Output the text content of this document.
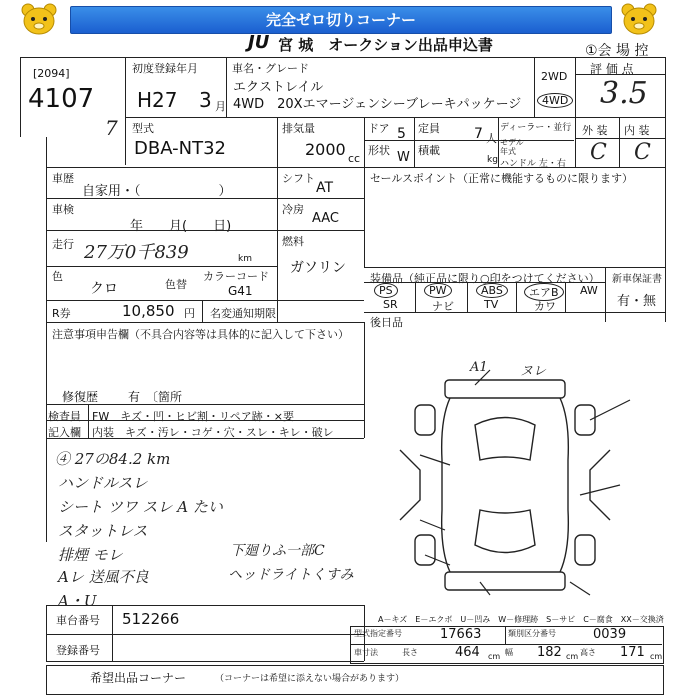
完全ゼロ切りコーナー
JU 宮 城　オークション出品申込書	①会 場 控
[2094]
4107
7
初度登録年月
H27 3 月
車名・グレード
エクストレイル
4WD　20Xエマージェンシーブレーキパッケージ
2WD
4WD
評 価 点
3.5
型式
DBA-NT32
排気量
2000 cc
ドア 5
形状 W
定員 7 人
積載
kg
ディーラー・並行
モデル年式
ハンドル 左・右
外 装 内 装
C C
車歴
自家用・（　　　　　　）
シフト
AT
セールスポイント（正常に機能するものに限ります）
車検
年　　月(　　日)
冷房
AAC
走行 27万0千839	km
燃料
ガソリン
色
クロ	色替
カラーコード
G41
装備品（純正品に限り○印をつけてください） 新車保証書
有・無
PS	PW	ABS	エアB	AW
SR	ナビ	TV	カワ
R券	10,850 円 名変通知期限
後日品
注意事項申告欄（不具合内容等は具体的に記入して下さい）
修復歴 有　〔箇所
検査員 FW　キズ・凹・ヒビ割・リペア跡・×要
記入欄 内装　キズ・汚レ・コゲ・穴・スレ・キレ・破レ
④ 27の84.2 km
ハンドルスレ
シート ツワ スレ A たい
スタットレス
排煙 モレ
Aレ 送風不良
A・U
下廻りふ一部C
ヘッドライトくすみ
A1 ヌレ
A－キズ　E－エクボ　U－凹み　W－修理跡　S－サビ　C－腐食　XX－交換済
車台番号 512266
登録番号
型式指定番号	17663	類別区分番号	0039
車寸法	長さ	464 cm 幅 182 cm 高さ 171 cm
希望出品コーナー	（コーナーは希望に添えない場合があります）
